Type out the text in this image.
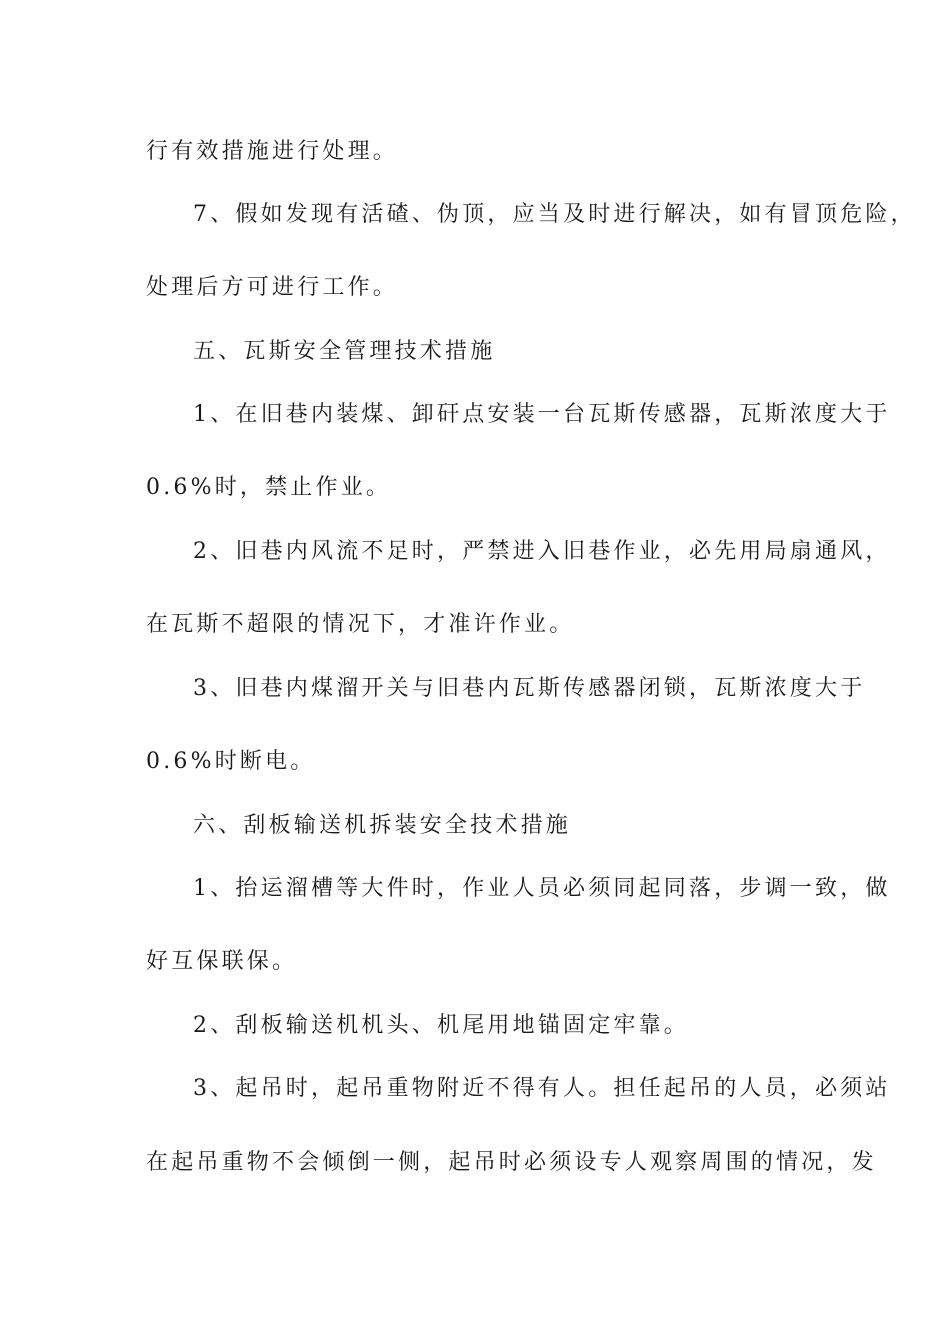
行有效措施进行处理。
7、假如发现有活碴、伪顶，应当及时进行解决，如有冒顶危险，
处理后方可进行工作。
五、瓦斯安全管理技术措施
1、在旧巷内装煤、卸矸点安装一台瓦斯传感器，瓦斯浓度大于
0.6%时，禁止作业。
2、旧巷内风流不足时，严禁进入旧巷作业，必先用局扇通风，
在瓦斯不超限的情况下，才准许作业。
3、旧巷内煤溜开关与旧巷内瓦斯传感器闭锁，瓦斯浓度大于
0.6%时断电。
六、刮板输送机拆装安全技术措施
1、抬运溜槽等大件时，作业人员必须同起同落，步调一致，做
好互保联保。
2、刮板输送机机头、机尾用地锚固定牢靠。
3、起吊时，起吊重物附近不得有人。担任起吊的人员，必须站
在起吊重物不会倾倒一侧，起吊时必须设专人观察周围的情况，发
